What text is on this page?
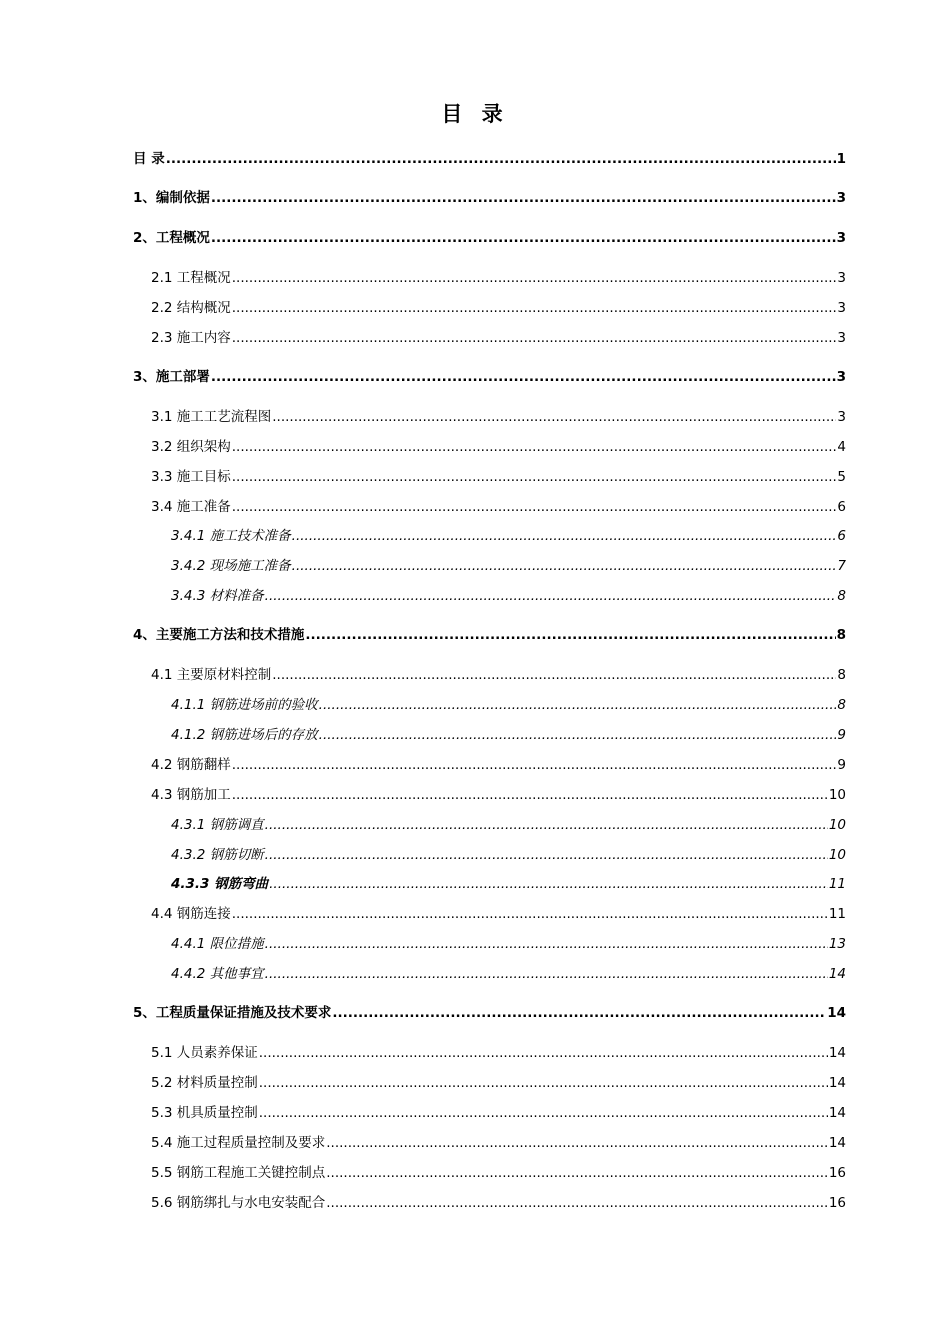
目 录
目 录 .....	1
1、编制依据 .....	3
2、工程概况 .....	3
2.1 工程概况 .....	3
2.2 结构概况 .....	3
2.3 施工内容 .....	3
3、施工部署 .....	3
3.1 施工工艺流程图 .....	3
3.2 组织架构 .....	4
3.3 施工目标 .....	5
3.4 施工准备 .....	6
3.4.1 施工技术准备 .....	6
3.4.2 现场施工准备 .....	7
3.4.3 材料准备 .....	8
4、主要施工方法和技术措施 .....	8
4.1 主要原材料控制 .....	8
4.1.1 钢筋进场前的验收 .....	8
4.1.2 钢筋进场后的存放 .....	9
4.2 钢筋翻样 .....	9
4.3 钢筋加工 .....	10
4.3.1 钢筋调直 .....	10
4.3.2 钢筋切断 .....	10
4.3.3 钢筋弯曲 .....	11
4.4 钢筋连接 .....	11
4.4.1 限位措施 .....	13
4.4.2 其他事宜 .....	14
5、工程质量保证措施及技术要求 .....	14
5.1 人员素养保证 .....	14
5.2 材料质量控制 .....	14
5.3 机具质量控制 .....	14
5.4 施工过程质量控制及要求 .....	14
5.5 钢筋工程施工关键控制点 .....	16
5.6 钢筋绑扎与水电安装配合 .....	16
